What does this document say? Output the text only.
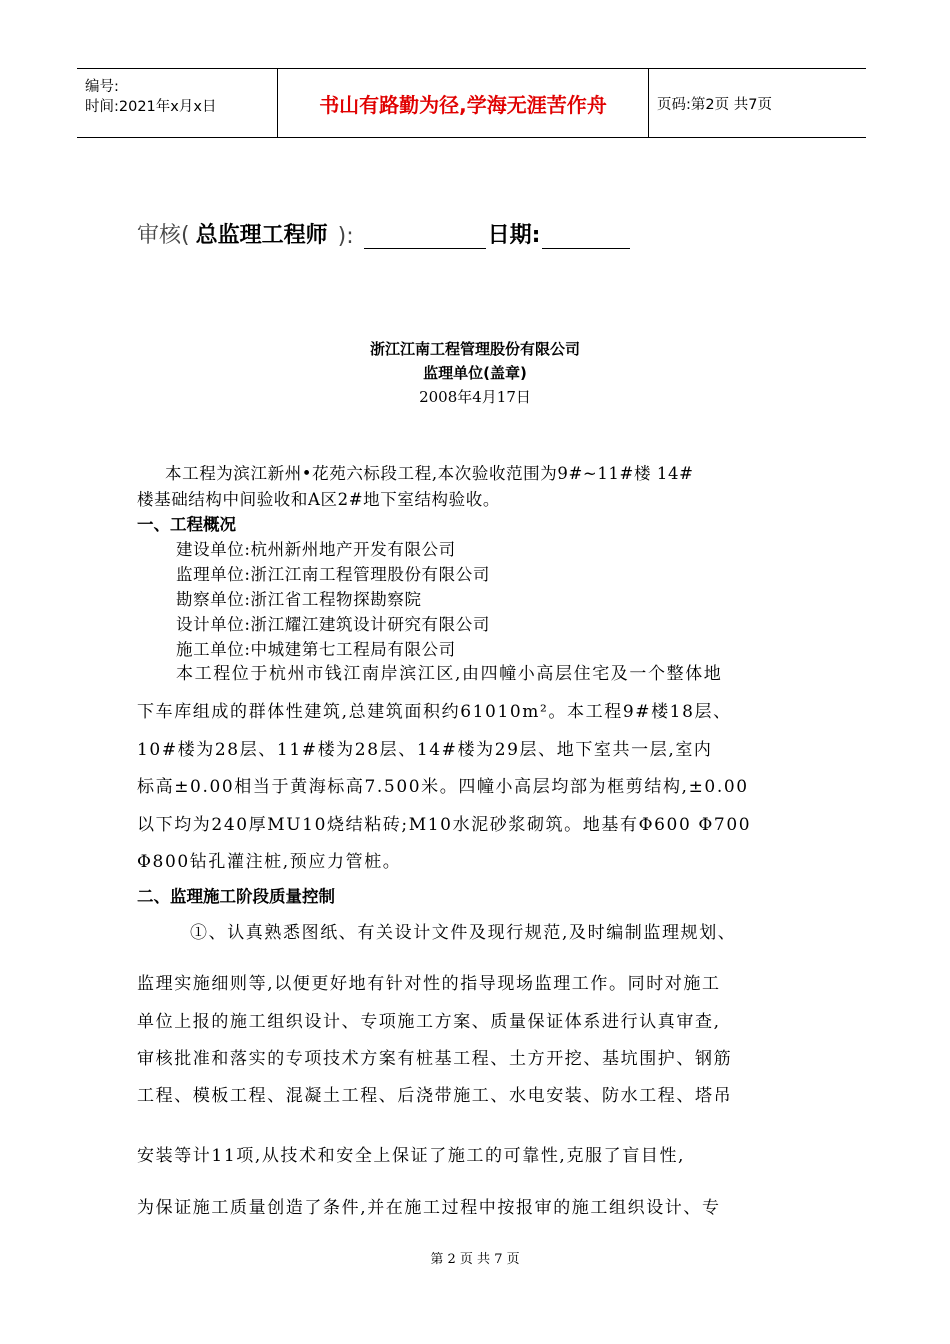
编号:
时间:2021年x月x日	书山有路勤为径,学海无涯苦作舟	页码:第2页 共7页
审核( 总监理工程师 ):	日期:
浙江江南工程管理股份有限公司
监理单位(盖章)
2008年4月17日
本工程为滨江新州•花苑六标段工程,本次验收范围为9#~11#楼 14#
楼基础结构中间验收和A区2#地下室结构验收。
一、工程概况
建设单位:杭州新州地产开发有限公司
监理单位:浙江江南工程管理股份有限公司
勘察单位:浙江省工程物探勘察院
设计单位:浙江耀江建筑设计研究有限公司
施工单位:中城建第七工程局有限公司
本工程位于杭州市钱江南岸滨江区,由四幢小高层住宅及一个整体地
下车库组成的群体性建筑,总建筑面积约61010m²。本工程9#楼18层、
10#楼为28层、11#楼为28层、14#楼为29层、地下室共一层,室内
标高±0.00相当于黄海标高7.500米。四幢小高层均部为框剪结构,±0.00
以下均为240厚MU10烧结粘砖;M10水泥砂浆砌筑。地基有Φ600 Φ700
Φ800钻孔灌注桩,预应力管桩。
二、监理施工阶段质量控制
①、认真熟悉图纸、有关设计文件及现行规范,及时编制监理规划、
监理实施细则等,以便更好地有针对性的指导现场监理工作。同时对施工
单位上报的施工组织设计、专项施工方案、质量保证体系进行认真审查,
审核批准和落实的专项技术方案有桩基工程、土方开挖、基坑围护、钢筋
工程、模板工程、混凝土工程、后浇带施工、水电安装、防水工程、塔吊
安装等计11项,从技术和安全上保证了施工的可靠性,克服了盲目性,
为保证施工质量创造了条件,并在施工过程中按报审的施工组织设计、专
第 2 页 共 7 页
